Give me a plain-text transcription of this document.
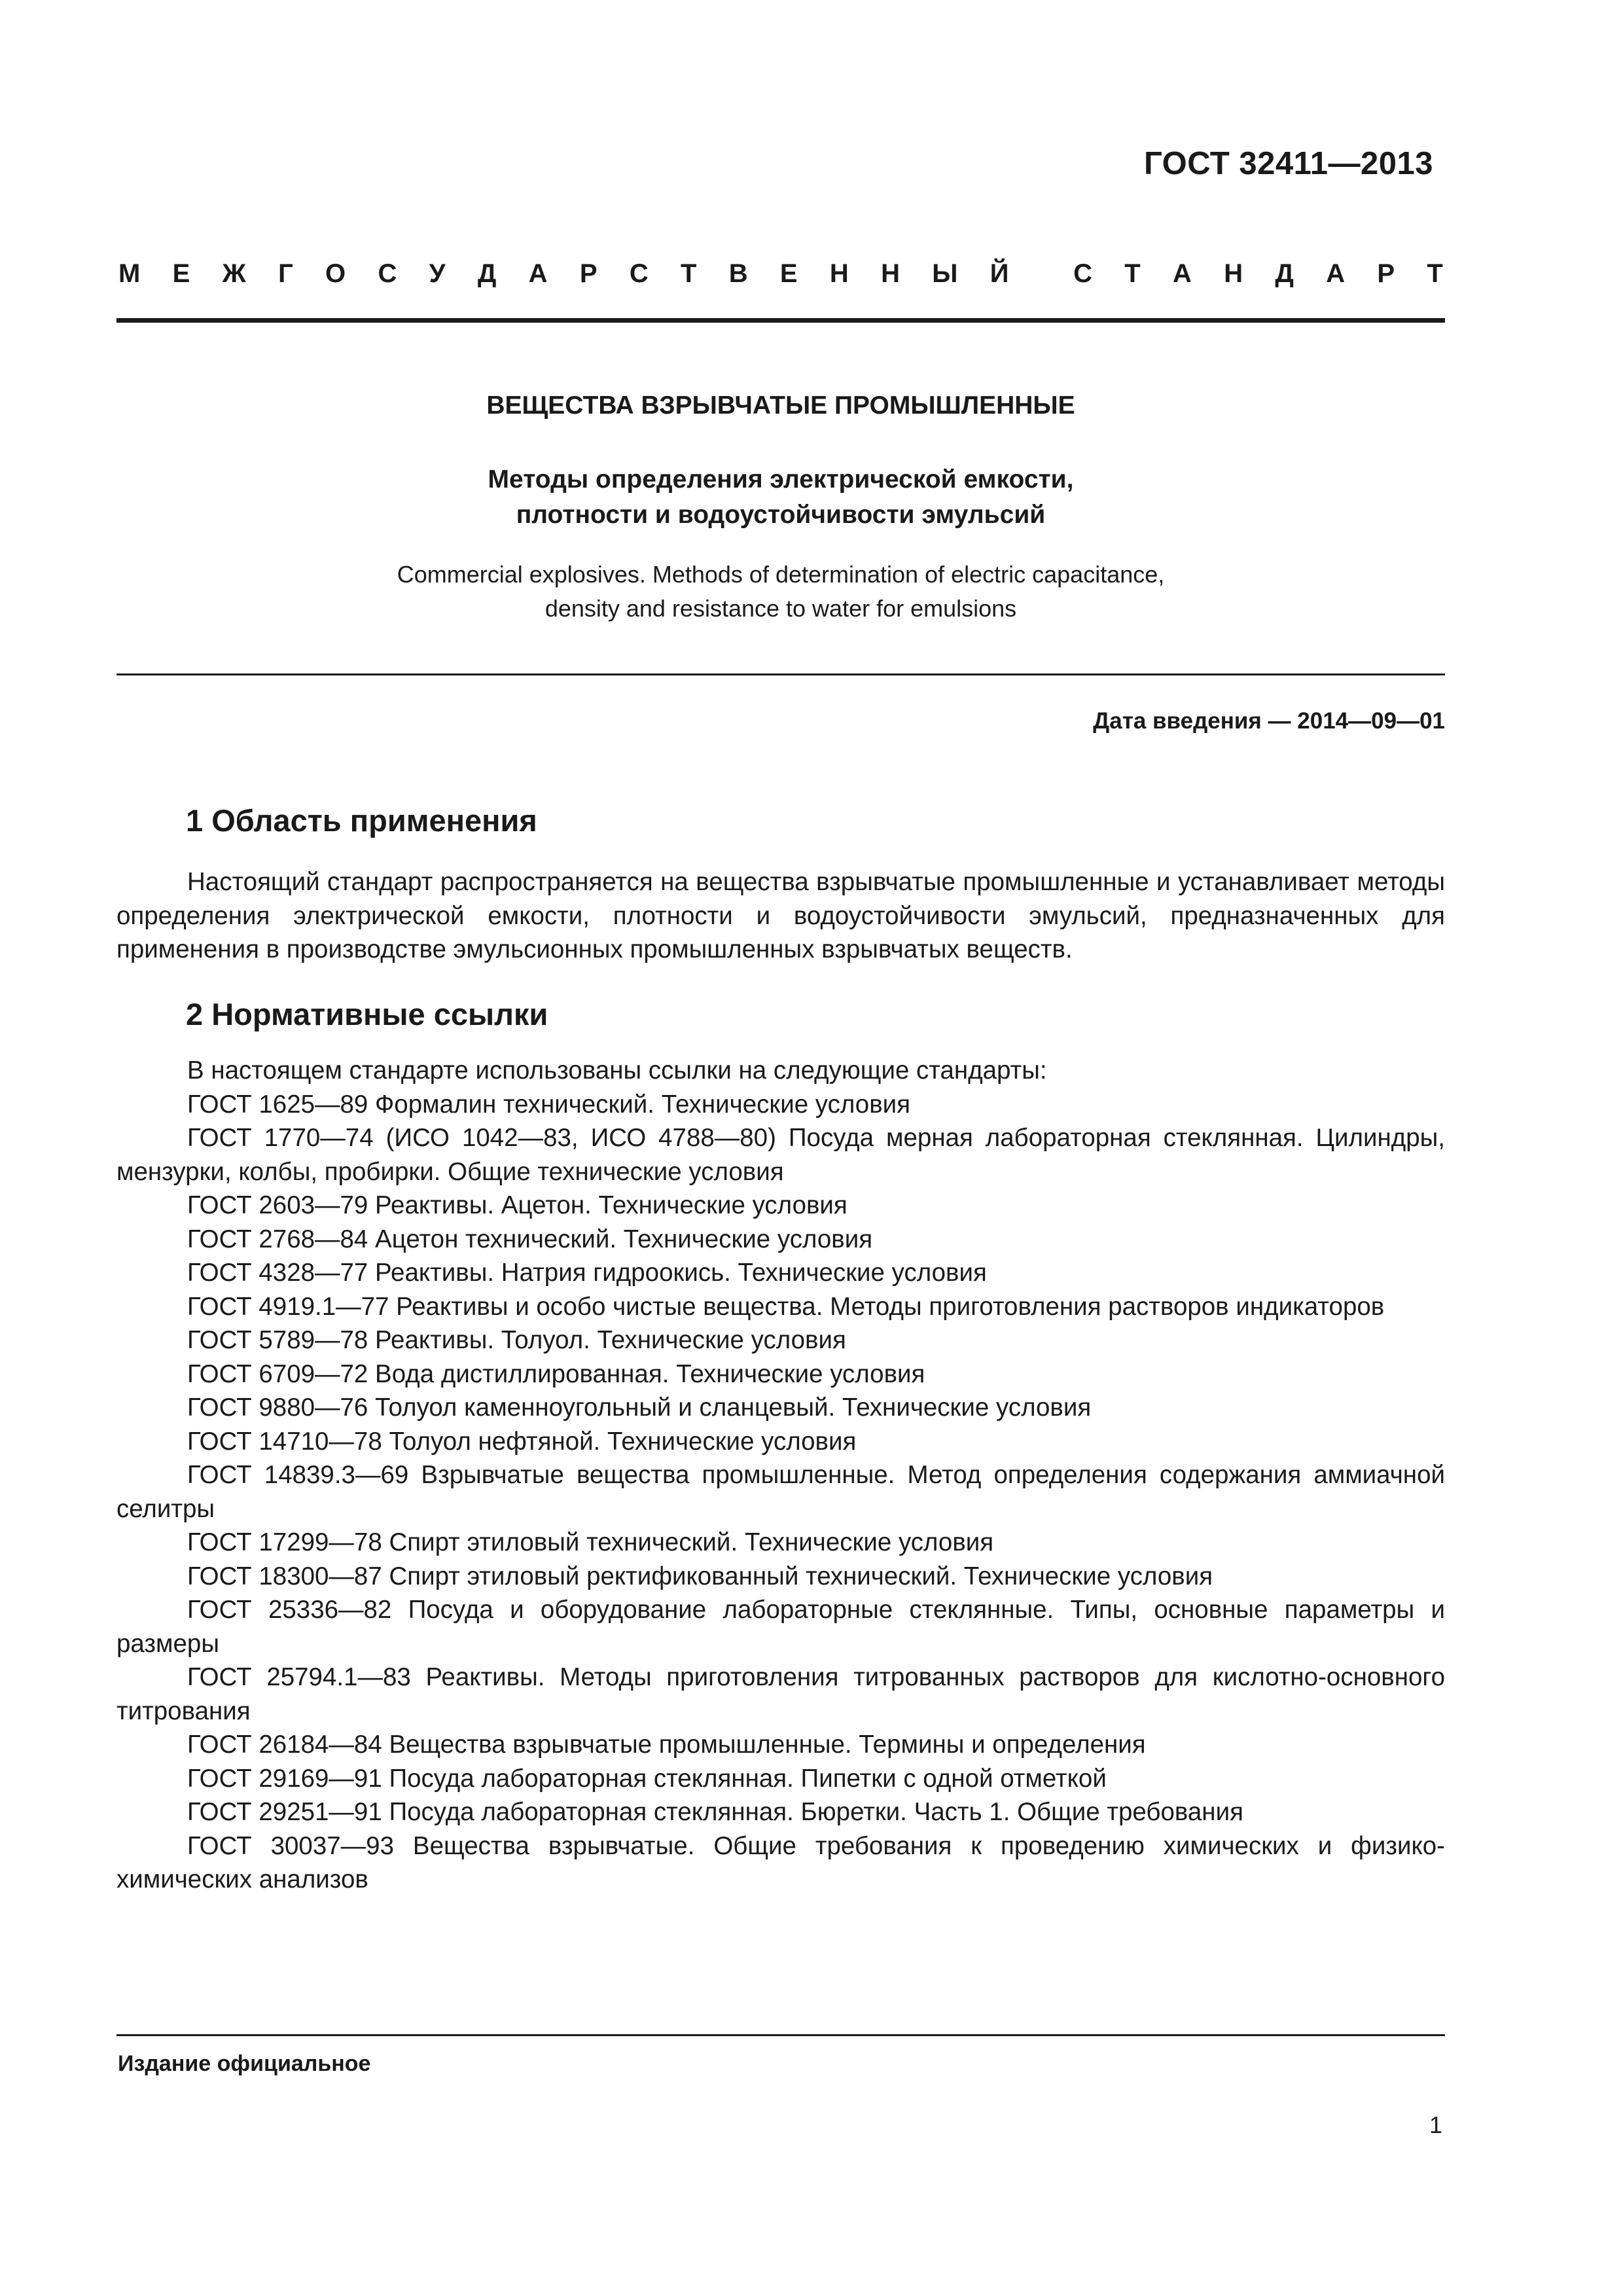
ГОСТ 32411—2013
М Е Ж Г О С У Д А Р С Т В Е Н Н Ы Й С Т А Н Д А Р Т
ВЕЩЕСТВА ВЗРЫВЧАТЫЕ ПРОМЫШЛЕННЫЕ
Методы определения электрической емкости,
плотности и водоустойчивости эмульсий
Commercial explosives. Methods of determination of electric capacitance,
density and resistance to water for emulsions
Дата введения — 2014—09—01
1 Область применения
Настоящий стандарт распространяется на вещества взрывчатые промышленные и устанавливает методы определения электрической емкости, плотности и водоустойчивости эмульсий, предназначенных для применения в производстве эмульсионных промышленных взрывчатых веществ.
2 Нормативные ссылки
В настоящем стандарте использованы ссылки на следующие стандарты:
ГОСТ 1625—89 Формалин технический. Технические условия
ГОСТ 1770—74 (ИСО 1042—83, ИСО 4788—80) Посуда мерная лабораторная стеклянная. Цилиндры, мензурки, колбы, пробирки. Общие технические условия
ГОСТ 2603—79 Реактивы. Ацетон. Технические условия
ГОСТ 2768—84 Ацетон технический. Технические условия
ГОСТ 4328—77 Реактивы. Натрия гидроокись. Технические условия
ГОСТ 4919.1—77 Реактивы и особо чистые вещества. Методы приготовления растворов индикаторов
ГОСТ 5789—78 Реактивы. Толуол. Технические условия
ГОСТ 6709—72 Вода дистиллированная. Технические условия
ГОСТ 9880—76 Толуол каменноугольный и сланцевый. Технические условия
ГОСТ 14710—78 Толуол нефтяной. Технические условия
ГОСТ 14839.3—69 Взрывчатые вещества промышленные. Метод определения содержания аммиачной селитры
ГОСТ 17299—78 Спирт этиловый технический. Технические условия
ГОСТ 18300—87 Спирт этиловый ректификованный технический. Технические условия
ГОСТ 25336—82 Посуда и оборудование лабораторные стеклянные. Типы, основные параметры и размеры
ГОСТ 25794.1—83 Реактивы. Методы приготовления титрованных растворов для кислотно-основного титрования
ГОСТ 26184—84 Вещества взрывчатые промышленные. Термины и определения
ГОСТ 29169—91 Посуда лабораторная стеклянная. Пипетки с одной отметкой
ГОСТ 29251—91 Посуда лабораторная стеклянная. Бюретки. Часть 1. Общие требования
ГОСТ 30037—93 Вещества взрывчатые. Общие требования к проведению химических и физико-химических анализов
Издание официальное
1
